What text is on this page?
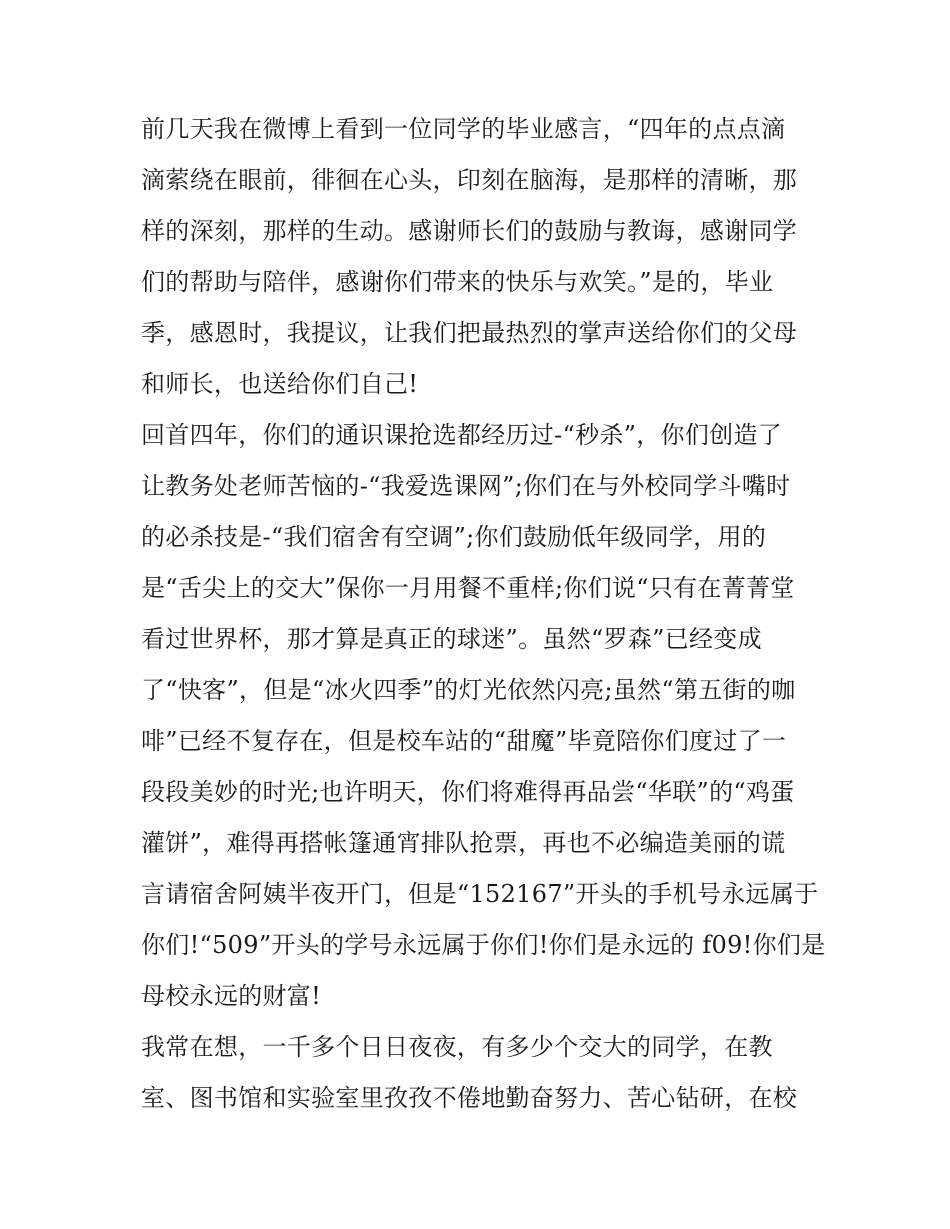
前几天我在微博上看到一位同学的毕业感言，“四年的点点滴
滴萦绕在眼前，徘徊在心头，印刻在脑海，是那样的清晰，那
样的深刻，那样的生动。感谢师长们的鼓励与教诲，感谢同学
们的帮助与陪伴，感谢你们带来的快乐与欢笑。”是的，毕业
季，感恩时，我提议，让我们把最热烈的掌声送给你们的父母
和师长，也送给你们自己!
回首四年，你们的通识课抢选都经历过-“秒杀”，你们创造了
让教务处老师苦恼的-“我爱选课网”;你们在与外校同学斗嘴时
的必杀技是-“我们宿舍有空调”;你们鼓励低年级同学，用的
是“舌尖上的交大”保你一月用餐不重样;你们说“只有在菁菁堂
看过世界杯，那才算是真正的球迷”。虽然“罗森”已经变成
了“快客”，但是“冰火四季”的灯光依然闪亮;虽然“第五街的咖
啡”已经不复存在，但是校车站的“甜魔”毕竟陪你们度过了一
段段美妙的时光;也许明天，你们将难得再品尝“华联”的“鸡蛋
灌饼”，难得再搭帐篷通宵排队抢票，再也不必编造美丽的谎
言请宿舍阿姨半夜开门，但是“152167”开头的手机号永远属于
你们!“509”开头的学号永远属于你们!你们是永远的 f09!你们是
母校永远的财富!
我常在想，一千多个日日夜夜，有多少个交大的同学，在教
室、图书馆和实验室里孜孜不倦地勤奋努力、苦心钻研，在校
